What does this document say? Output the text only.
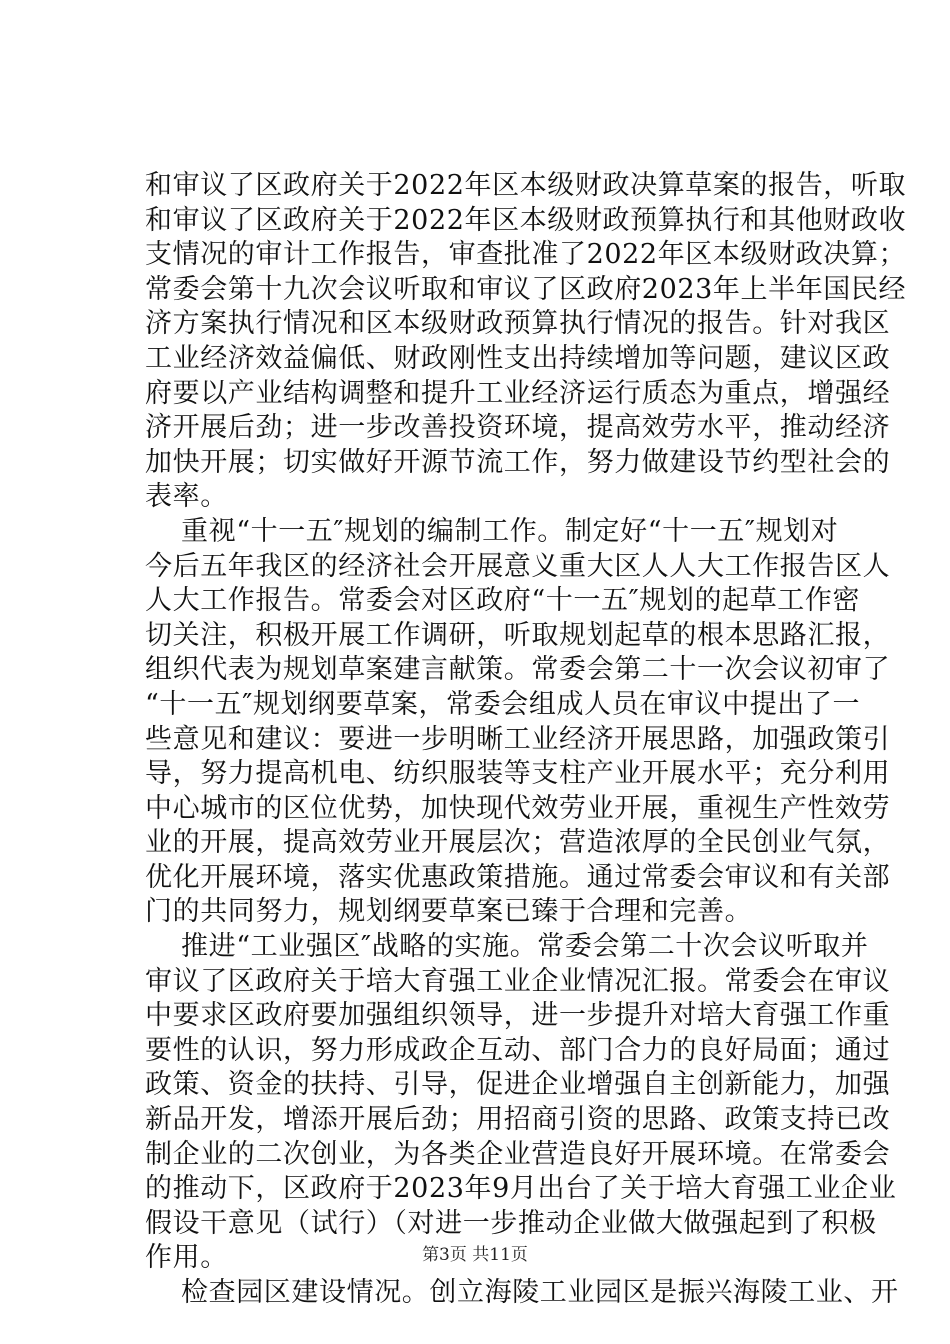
和审议了区政府关于2022年区本级财政决算草案的报告，听取
和审议了区政府关于2022年区本级财政预算执行和其他财政收
支情况的审计工作报告，审查批准了2022年区本级财政决算；
常委会第十九次会议听取和审议了区政府2023年上半年国民经
济方案执行情况和区本级财政预算执行情况的报告。针对我区
工业经济效益偏低、财政刚性支出持续增加等问题，建议区政
府要以产业结构调整和提升工业经济运行质态为重点，增强经
济开展后劲；进一步改善投资环境，提高效劳水平，推动经济
加快开展；切实做好开源节流工作，努力做建设节约型社会的
表率。
重视“十一五″规划的编制工作。制定好“十一五″规划对
今后五年我区的经济社会开展意义重大区人人大工作报告区人
人大工作报告。常委会对区政府“十一五″规划的起草工作密
切关注，积极开展工作调研，听取规划起草的根本思路汇报，
组织代表为规划草案建言献策。常委会第二十一次会议初审了
“十一五″规划纲要草案，常委会组成人员在审议中提出了一
些意见和建议：要进一步明晰工业经济开展思路，加强政策引
导，努力提高机电、纺织服装等支柱产业开展水平；充分利用
中心城市的区位优势，加快现代效劳业开展，重视生产性效劳
业的开展，提高效劳业开展层次；营造浓厚的全民创业气氛，
优化开展环境，落实优惠政策措施。通过常委会审议和有关部
门的共同努力，规划纲要草案已臻于合理和完善。
推进“工业强区″战略的实施。常委会第二十次会议听取并
审议了区政府关于培大育强工业企业情况汇报。常委会在审议
中要求区政府要加强组织领导，进一步提升对培大育强工作重
要性的认识，努力形成政企互动、部门合力的良好局面；通过
政策、资金的扶持、引导，促进企业增强自主创新能力，加强
新品开发，增添开展后劲；用招商引资的思路、政策支持已改
制企业的二次创业，为各类企业营造良好开展环境。在常委会
的推动下，区政府于2023年9月出台了关于培大育强工业企业
假设干意见（试行）（对进一步推动企业做大做强起到了积极
作用。
检查园区建设情况。创立海陵工业园区是振兴海陵工业、开
第3页 共11页
